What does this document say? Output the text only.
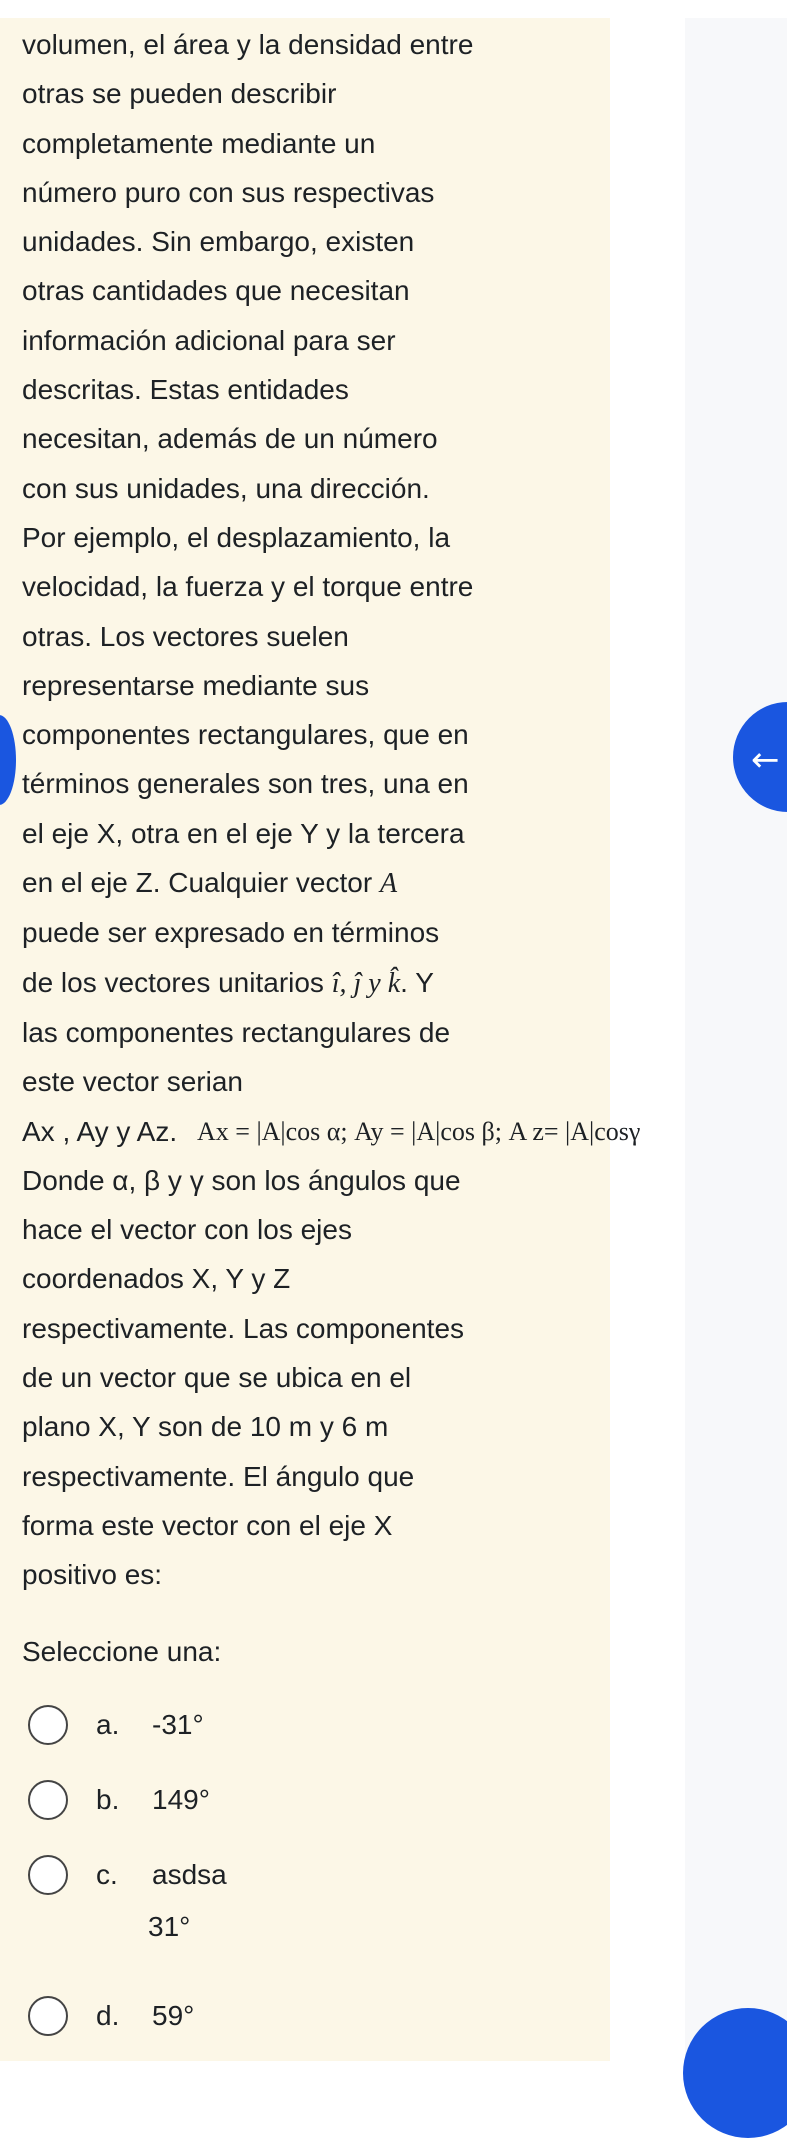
volumen, el área y la densidad entre

otras se pueden describir

completamente mediante un

número puro con sus respectivas

unidades. Sin embargo, existen

otras cantidades que necesitan

información adicional para ser

descritas. Estas entidades

necesitan, además de un número

con sus unidades, una dirección.

Por ejemplo, el desplazamiento, la

velocidad, la fuerza y el torque entre

otras. Los vectores suelen

representarse mediante sus

componentes rectangulares, que en

términos generales son tres, una en

el eje X, otra en el eje Y y la tercera

en el eje Z. Cualquier vector A⃗

puede ser expresado en términos

de los vectores unitarios î, ĵ y k̂. Y

las componentes rectangulares de

este vector serian

Ax , Ay y Az. Ax = |A|cos α; Ay = |A|cos β; A z= |A|cosγ

Donde α, β y γ son los ángulos que

hace el vector con los ejes

coordenados X, Y y Z

respectivamente. Las componentes

de un vector que se ubica en el

plano X, Y son de 10 m y 6 m

respectivamente. El ángulo que

forma este vector con el eje X

positivo es:

Seleccione una:
a.	-31°
b.	149°
c.	asdsa
31°
d.	59°
←
